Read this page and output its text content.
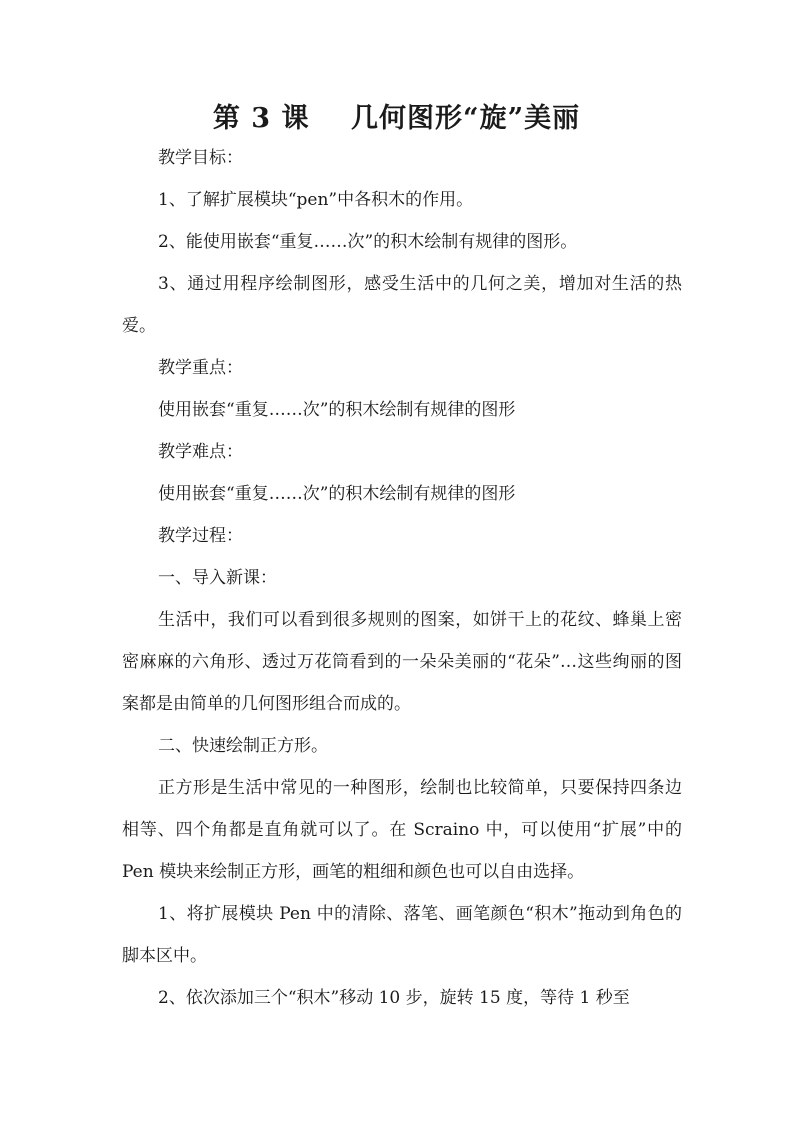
第 3 课    几何图形“旋”美丽

教学目标：

1、了解扩展模块“pen”中各积木的作用。

2、能使用嵌套“重复……次”的积木绘制有规律的图形。

3、通过用程序绘制图形，感受生活中的几何之美，增加对生活的热爱。

教学重点：

使用嵌套“重复……次”的积木绘制有规律的图形

教学难点：

使用嵌套“重复……次”的积木绘制有规律的图形

教学过程：

一、导入新课：

生活中，我们可以看到很多规则的图案，如饼干上的花纹、蜂巢上密密麻麻的六角形、透过万花筒看到的一朵朵美丽的“花朵”…这些绚丽的图案都是由简单的几何图形组合而成的。

二、快速绘制正方形。

正方形是生活中常见的一种图形，绘制也比较简单，只要保持四条边相等、四个角都是直角就可以了。在 Scraino 中，可以使用“扩展”中的 Pen 模块来绘制正方形，画笔的粗细和颜色也可以自由选择。

1、将扩展模块 Pen 中的清除、落笔、画笔颜色“积木”拖动到角色的脚本区中。

2、依次添加三个“积木”移动 10 步，旋转 15 度，等待 1 秒至
